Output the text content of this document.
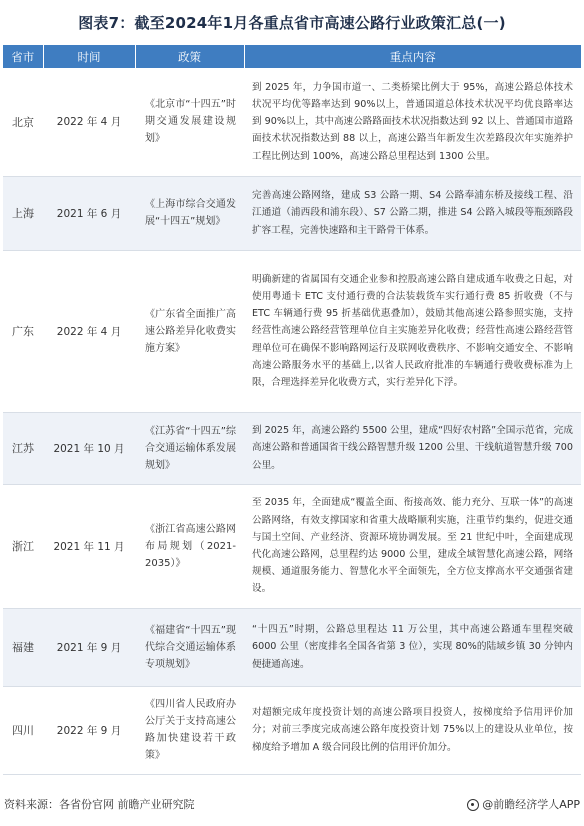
图表7：截至2024年1月各重点省市高速公路行业政策汇总(一)
省市	时间	政策	重点内容
北京	2022 年 4 月	《北京市“十四五”时期交通发展建设规划》	到 2025 年，力争国市道一、二类桥梁比例大于 95%，高速公路总体技术状况平均优等路率达到 90%以上，普通国道总体技术状况平均优良路率达到 90%以上，其中高速公路路面技术状况指数达到 92 以上、普通国市道路面技术状况指数达到 88 以上，高速公路当年新发生次差路段次年实施养护工程比例达到 100%，高速公路总里程达到 1300 公里。
上海	2021 年 6 月	《上海市综合交通发展“十四五”规划》	完善高速公路网络，建成 S3 公路一期、S4 公路奉浦东桥及接线工程、沿江通道（浦西段和浦东段）、S7 公路二期，推进 S4 公路入城段等瓶颈路段扩容工程，完善快速路和主干路骨干体系。
广东	2022 年 4 月	《广东省全面推广高速公路差异化收费实施方案》	明确新建的省属国有交通企业参和控股高速公路自建成通车收费之日起，对使用粤通卡 ETC 支付通行费的合法装载货车实行通行费 85 折收费（不与 ETC 车辆通行费 95 折基础优惠叠加），鼓励其他高速公路参照实施，支持经营性高速公路经营管理单位自主实施差异化收费；经营性高速公路经营管理单位可在确保不影响路网运行及联网收费秩序、不影响交通安全、不影响高速公路服务水平的基础上,以省人民政府批准的车辆通行费收费标准为上限，合理选择差异化收费方式，实行差异化下浮。
江苏	2021 年 10 月	《江苏省“十四五”综合交通运输体系发展规划》	到 2025 年，高速公路约 5500 公里，建成“四好农村路”全国示范省，完成高速公路和普通国省干线公路智慧升级 1200 公里、干线航道智慧升级 700 公里。
浙江	2021 年 11 月	《浙江省高速公路网布局规划（2021-2035）》	至 2035 年，全面建成“覆盖全面、衔接高效、能力充分、互联一体”的高速公路网络，有效支撑国家和省重大战略顺利实施，注重节约集约，促进交通与国土空间、产业经济、资源环境协调发展。至 21 世纪中叶，全面建成现代化高速公路网，总里程约达 9000 公里，建成全域智慧化高速公路，网络规模、通道服务能力、智慧化水平全面领先，全方位支撑高水平交通强省建设。
福建	2021 年 9 月	《福建省“十四五”现代综合交通运输体系专项规划》	“十四五”时期，公路总里程达 11 万公里，其中高速公路通车里程突破 6000 公里（密度排名全国各省第 3 位），实现 80%的陆域乡镇 30 分钟内便捷通高速。
四川	2022 年 9 月	《四川省人民政府办公厅关于支持高速公路加快建设若干政策》	对超额完成年度投资计划的高速公路项目投资人，按梯度给予信用评价加分；对前三季度完成高速公路年度投资计划 75%以上的建设从业单位，按梯度给予增加 A 级合同段比例的信用评价加分。
资料来源：各省份官网 前瞻产业研究院	@前瞻经济学人APP
